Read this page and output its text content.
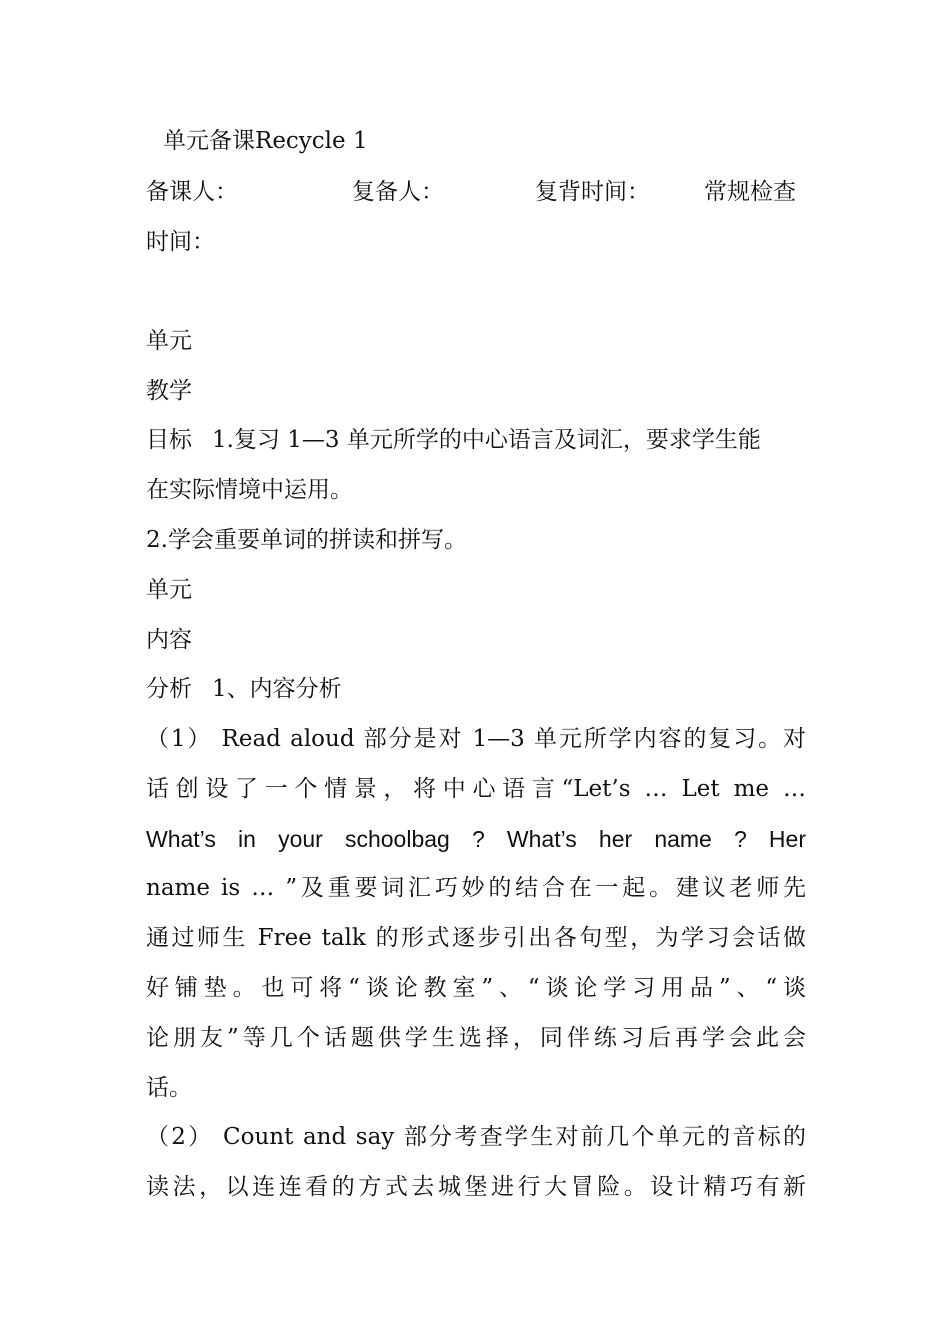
单元备课Recycle 1
备课人：	复备人：	复背时间： 常规检查
时间：
单元
教学
目标 1.复习 1—3 单元所学的中心语言及词汇，要求学生能
在实际情境中运用。
2.学会重要单词的拼读和拼写。
单元
内容
分析 1、内容分析
（1） Read aloud 部分是对 1—3 单元所学内容的复习。对
话创设了一个情景，将中心语言“Let’s … Let me …
What’s in your schoolbag ? What’s her name ? Her
name is … ”及重要词汇巧妙的结合在一起。建议老师先
通过师生 Free talk 的形式逐步引出各句型，为学习会话做
好铺垫。也可将“谈论教室”、“谈论学习用品”、“谈
论朋友”等几个话题供学生选择，同伴练习后再学会此会
话。
（2） Count and say 部分考查学生对前几个单元的音标的
读法，以连连看的方式去城堡进行大冒险。设计精巧有新
